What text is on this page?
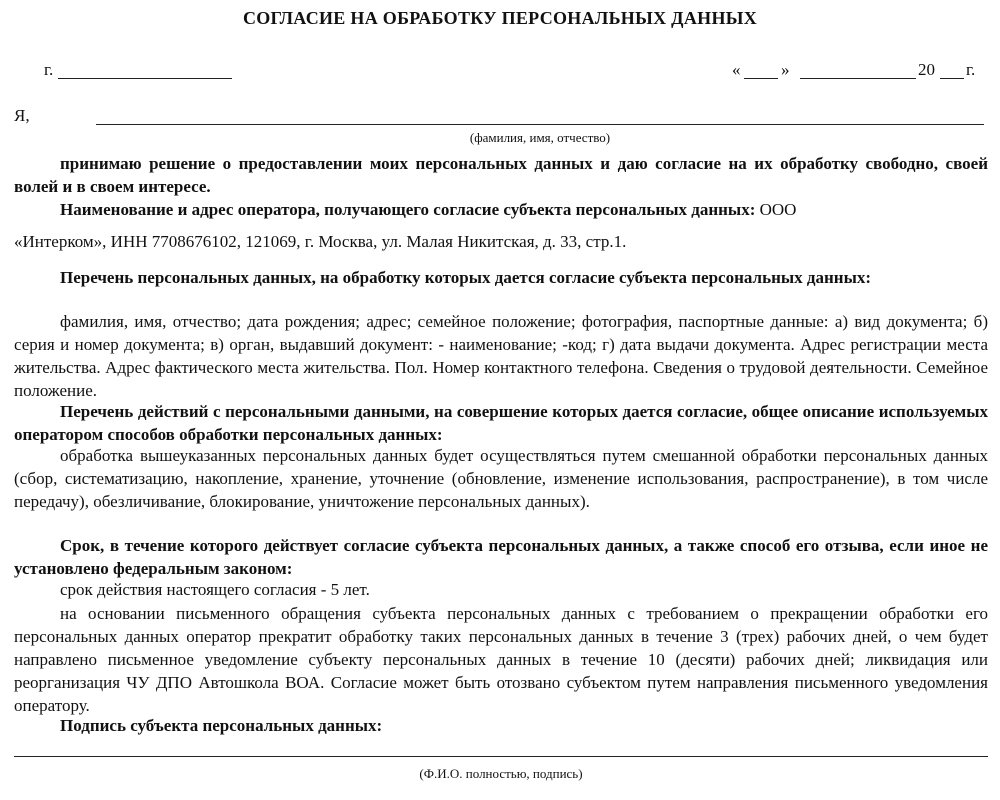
СОГЛАСИЕ НА ОБРАБОТКУ ПЕРСОНАЛЬНЫХ ДАННЫХ
г.	« »	20 г.
Я,
(фамилия, имя, отчество)

принимаю решение о предоставлении моих персональных данных и даю согласие на их обработку свободно, своей волей и в своем интересе.

Наименование и адрес оператора, получающего согласие субъекта персональных данных: ООО

«Интерком», ИНН 7708676102, 121069, г. Москва, ул. Малая Никитская, д. 33, стр.1.

Перечень персональных данных, на обработку которых дается согласие субъекта персональных данных:

фамилия, имя, отчество; дата рождения; адрес; семейное положение; фотография, паспортные данные: а) вид документа; б) серия и номер документа; в) орган, выдавший документ: - наименование; -код; г) дата выдачи документа. Адрес регистрации места жительства. Адрес фактического места жительства. Пол. Номер контактного телефона. Сведения о трудовой деятельности. Семейное положение.

Перечень действий с персональными данными, на совершение которых дается согласие, общее описание используемых оператором способов обработки персональных данных:

обработка вышеуказанных персональных данных будет осуществляться путем смешанной обработки персональных данных (сбор, систематизацию, накопление, хранение, уточнение (обновление, изменение использования, распространение), в том числе передачу), обезличивание, блокирование, уничтожение персональных данных).

Срок, в течение которого действует согласие субъекта персональных данных, а также способ его отзыва, если иное не установлено федеральным законом:

срок действия настоящего согласия - 5 лет.

на основании письменного обращения субъекта персональных данных с требованием о прекращении обработки его персональных данных оператор прекратит обработку таких персональных данных в течение 3 (трех) рабочих дней, о чем будет направлено письменное уведомление субъекту персональных данных в течение 10 (десяти) рабочих дней; ликвидация или реорганизация ЧУ ДПО Автошкола ВОА. Согласие может быть отозвано субъектом путем направления письменного уведомления оператору.

Подпись субъекта персональных данных:

(Ф.И.О. полностью, подпись)
